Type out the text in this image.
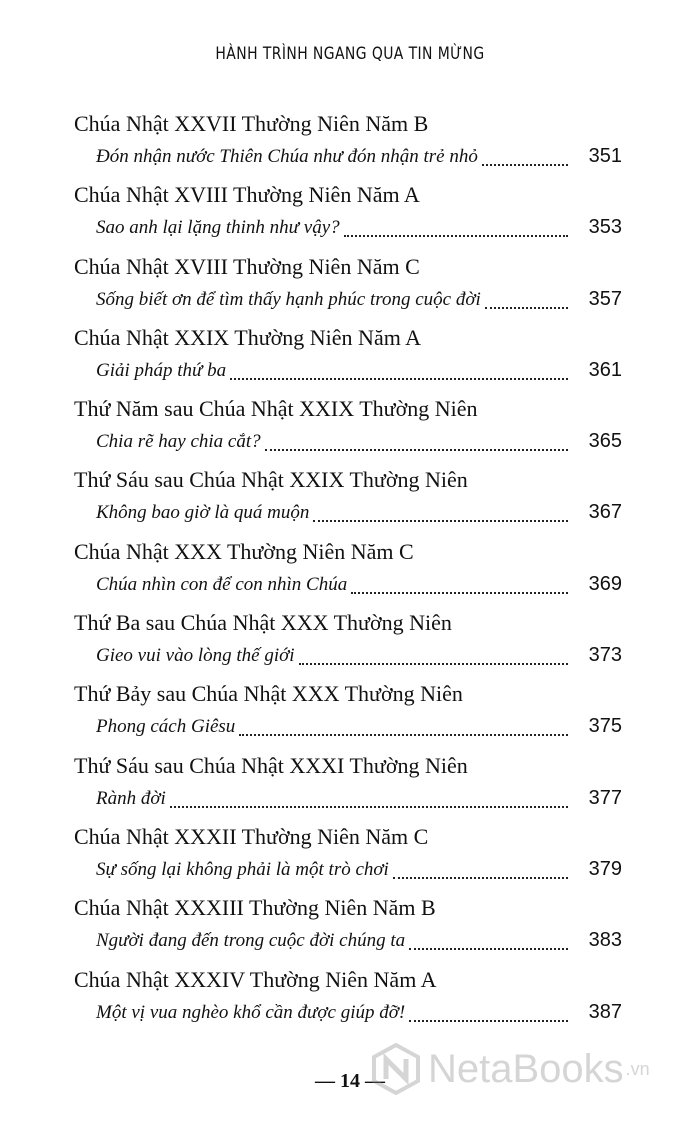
HÀNH TRÌNH NGANG QUA TIN MỪNG
Chúa Nhật XXVII Thường Niên Năm B
Đón nhận nước Thiên Chúa như đón nhận trẻ nhỏ	351
Chúa Nhật XVIII Thường Niên Năm A
Sao anh lại lặng thinh như vậy?	353
Chúa Nhật XVIII Thường Niên Năm C
Sống biết ơn để tìm thấy hạnh phúc trong cuộc đời	357
Chúa Nhật XXIX Thường Niên Năm A
Giải pháp thứ ba	361
Thứ Năm sau Chúa Nhật XXIX Thường Niên
Chia rẽ hay chia cắt?	365
Thứ Sáu sau Chúa Nhật XXIX Thường Niên
Không bao giờ là quá muộn	367
Chúa Nhật XXX Thường Niên Năm C
Chúa nhìn con để con nhìn Chúa	369
Thứ Ba sau Chúa Nhật XXX Thường Niên
Gieo vui vào lòng thế giới	373
Thứ Bảy sau Chúa Nhật XXX Thường Niên
Phong cách Giêsu	375
Thứ Sáu sau Chúa Nhật XXXI Thường Niên
Rành đời	377
Chúa Nhật XXXII Thường Niên Năm C
Sự sống lại không phải là một trò chơi	379
Chúa Nhật XXXIII Thường Niên Năm B
Người đang đến trong cuộc đời chúng ta	383
Chúa Nhật XXXIV Thường Niên Năm A
Một vị vua nghèo khổ cần được giúp đỡ!	387
— 14 —	NetaBooks .vn
